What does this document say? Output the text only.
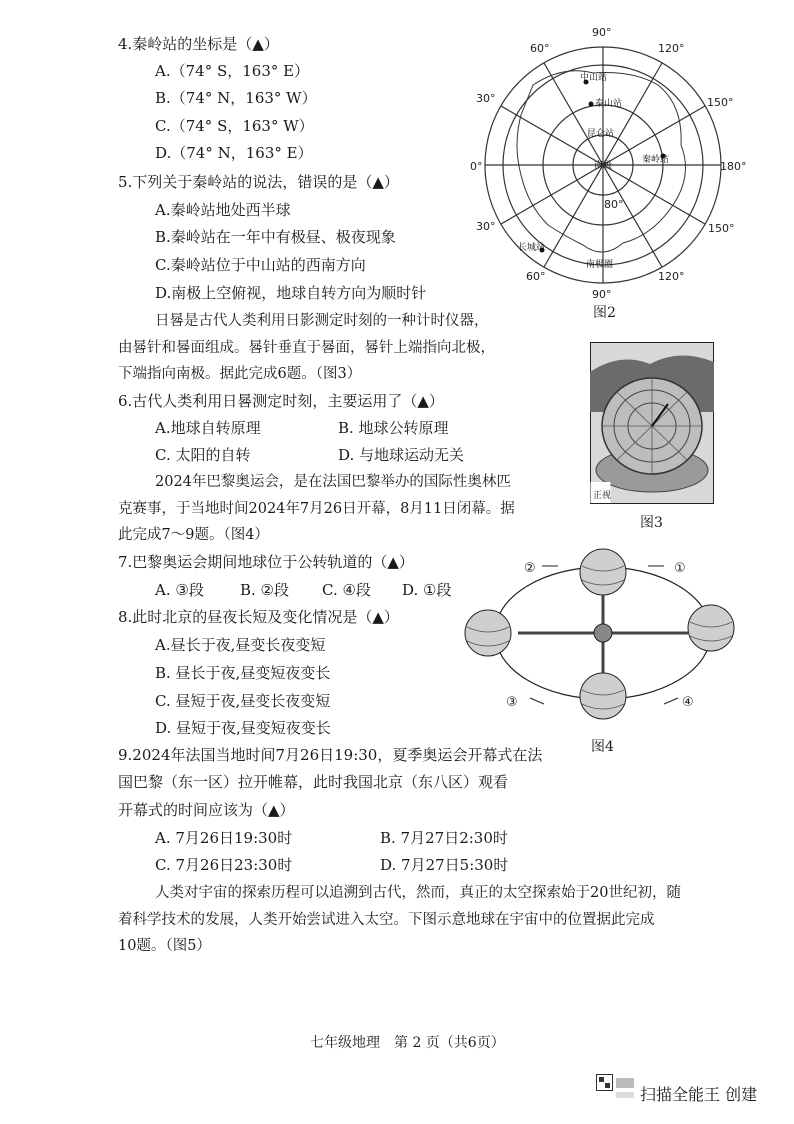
4.秦岭站的坐标是（▲）
A.（74° S，163° E）
B.（74° N，163° W）
C.（74° S，163° W）
D.（74° N，163° E）
5.下列关于秦岭站的说法，错误的是（▲）
A.秦岭站地处西半球
B.秦岭站在一年中有极昼、极夜现象
C.秦岭站位于中山站的西南方向
D.南极上空俯视，地球自转方向为顺时针
90°
120°
150°
180°
150°
120°
90°
60°
30°
0°
30°
60°
80°
中山站
泰山站
昆仑站
南极
秦岭站
长城站
南极圈
图2
日晷是古代人类利用日影测定时刻的一种计时仪器，
由晷针和晷面组成。晷针垂直于晷面，晷针上端指向北极，
下端指向南极。据此完成6题。（图3）
6.古代人类利用日晷测定时刻，主要运用了（▲）
A.地球自转原理	B. 地球公转原理
C. 太阳的自转	D. 与地球运动无关
正视
图3
2024年巴黎奥运会，是在法国巴黎举办的国际性奥林匹
克赛事，于当地时间2024年7月26日开幕，8月11日闭幕。据
此完成7～9题。（图4）
7.巴黎奥运会期间地球位于公转轨道的（▲）
A. ③段 B. ②段 C. ④段 D. ①段
①
②
③	④
图4
8.此时北京的昼夜长短及变化情况是（▲）
A.昼长于夜,昼变长夜变短
B. 昼长于夜,昼变短夜变长
C. 昼短于夜,昼变长夜变短
D. 昼短于夜,昼变短夜变长
9.2024年法国当地时间7月26日19:30，夏季奥运会开幕式在法
国巴黎（东一区）拉开帷幕，此时我国北京（东八区）观看
开幕式的时间应该为（▲）
A. 7月26日19:30时	B. 7月27日2:30时
C. 7月26日23:30时	D. 7月27日5:30时
人类对宇宙的探索历程可以追溯到古代，然而，真正的太空探索始于20世纪初，随
着科学技术的发展，人类开始尝试进入太空。下图示意地球在宇宙中的位置据此完成
10题。（图5）
七年级地理　第 2 页（共6页）
扫描全能王 创建
